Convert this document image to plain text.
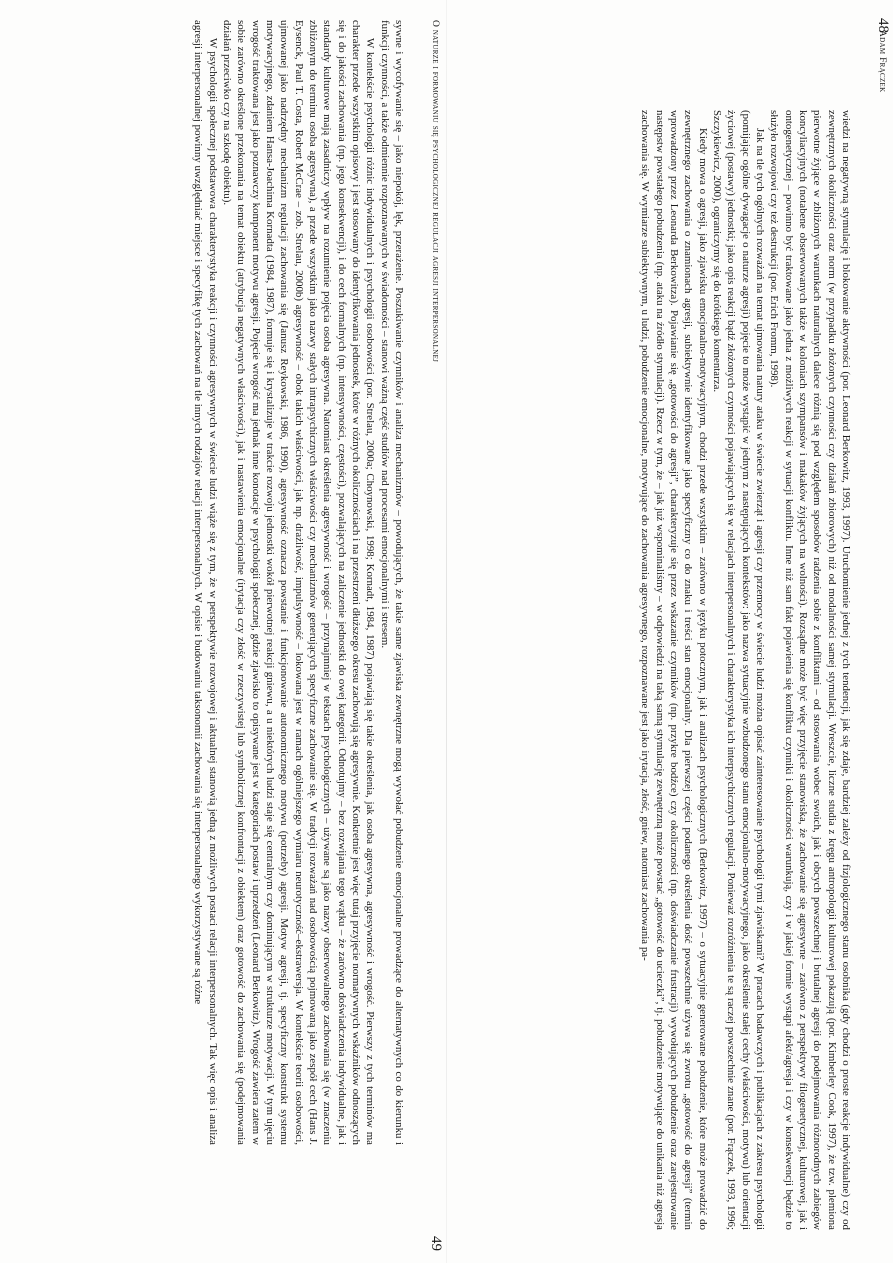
Adam Frączek
48

wiedzi na negatywną stymulację i blokowanie aktywności (por. Leonard Berkowitz, 1993, 1997). Uruchomienie jednej z tych tendencji, jak się zdaje, bardziej zależy od fizjologicznego stanu osobnika (gdy chodzi o proste reakcje indywidualne) czy od zewnętrznych okoliczności oraz norm (w przypadku złożonych czynności czy działań zbiorowych) niż od modalności samej stymulacji. Wreszcie, liczne studia z kręgu antropologii kulturowej pokazują (por. Kimberley Cook, 1997), że tzw. plemiona pierwotne żyjące w zbliżonych warunkach naturalnych dalece różnią się pod względem sposobów radzenia sobie z konfliktami – od stosowania wobec swoich, jak i obcych powszechnej i brutalnej agresji do podejmowania różnorodnych zabiegów koncyliacyjnych (notabene obserwowanych także w koloniach szympansów i makaków żyjących na wolności). Rozsądne może być więc przyjęcie stanowiska, że zachowanie się agresywne – zarówno z perspektywy filogenetycznej, kulturowej, jak i ontogenetycznej – powinno być traktowane jako jedna z możliwych reakcji w sytuacji konfliktu. Inne niż sam fakt pojawienia się konfliktu czynniki i okoliczności warunkują, czy i w jakiej formie wystąpi afekt/agresja i czy w konsekwencji będzie to służyło rozwojowi czy też destrukcji (por. Erich Fromm, 1998).

Jak na tle tych ogólnych rozważań na temat ujmowania natury ataku w świecie zwierząt i agresji czy przemocy w świecie ludzi można opisać zainteresowanie psychologii tymi zjawiskami? W pracach badawczych i publikacjach z zakresu psychologii (pomijając ogólne dywagacje o naturze agresji) pojęcie to może wystąpić w jednym z następujących kontekstów: jako nazwa sytuacyjnie wzbudzonego stanu emocjonalno-motywacyjnego, jako określenie stałej cechy (właściwości, motywu) lub orientacji życiowej (postawy) jednostki; jako opis reakcji bądź złożonych czynności pojawiających się w relacjach interpersonalnych i charakterystyka ich interpsychicznych regulacji. Ponieważ rozróżnienia te są raczej powszechnie znane (por. Frączek, 1993, 1996; Szczykiewicz, 2000), ograniczymy się do krótkiego komentarza.

Kiedy mowa o agresji, jako zjawisku emocjonalno-motywacyjnym, chodzi przede wszystkim – zarówno w języku potocznym, jak i analizach psychologicznych (Berkowitz, 1997) – o sytuacyjnie generowane pobudzenie, które może prowadzić do zewnętrznego zachowania o znamionach agresji, subiektywnie identyfikowane jako specyficzny co do znaku i treści stan emocjonalny. Dla pierwszej części podanego określenia dość powszechnie używa się zwrotu „gotowość do agresji” (termin wprowadzony przez Leonarda Berkowitza). Pojawianie się „gotowości do agresji”, charakteryzuje się przez wskazanie czynników (np. przykre bodźce) czy okoliczności (np. doświadczanie frustracji) wywołujących pobudzenie oraz zarejestrowanie następstw powstałego pobudzenia (np. ataku na źródło stymulacji). Rzecz w tym, że – jak już wspominaliśmy – w odpowiedzi na taką samą stymulację zewnętrzną może powstać „gotowość do ucieczki”, tj. pobudzenie motywujące do unikania niż agresja zachowania się. W wymiarze subiektywnym, u ludzi, pobudzenie emocjonalne, motywujące do zachowania agresywnego, rozpoznawane jest jako irytacja, złość, gniew, natomiast zachowania pa-

O naturze i formowaniu się psychologicznej regulacji agresji interpersonalnej
49

sywne i wycofywanie się – jako niepokój, lęk, przerażenie. Poszukiwanie czynników i analiza mechanizmów – powodujących, że takie same zjawiska zewnętrzne mogą wywołać pobudzenie emocjonalne prowadzące do alternatywnych co do kierunku i funkcji czynności, a także odmiennie rozpoznawanych w świadomości – stanowi ważną część studiów nad procesami emocjonalnymi i stresem.

W kontekście psychologii różnic indywidualnych i psychologii osobowości (por. Strelau, 2000a; Choynowski, 1998; Kornadt, 1984, 1987) pojawiają się takie określenia, jak osoba agresywna, agresywność i wrogość. Pierwszy z tych terminów ma charakter przede wszystkim opisowy i jest stosowany do identyfikowania jednostek, które w różnych okolicznościach i na przestrzeni dłuższego okresu zachowują się agresywnie. Konkretnie jest więc tutaj przyjęcie normatywnych wskaźników odnoszących się i do jakości zachowania (np. jego konsekwencji), i do cech formalnych (np. intensywności, częstości), pozwalających na zaliczenie jednostki do owej kategorii. Odnotujmy – bez rozwijania tego wątku – że zarówno doświadczenia indywidualne, jak i standardy kulturowe mają zasadniczy wpływ na rozumienie pojęcia osoba agresywna. Natomiast określenia agresywność i wrogość – przynajmniej w tekstach psychologicznych – używane są jako nazwy obserwowalnego zachowania się (w znaczeniu zbliżonym do terminu osoba agresywna), a przede wszystkim jako nazwy stałych intrapsychicznych właściwości czy mechanizmów generujących specyficzne zachowanie się. W tradycji rozważań nad osobowością pojmowaną jako zespół cech (Hans J. Eysenck, Paul T. Costa, Robert McCrae – zob. Strelau, 2000b) agresywność – obok takich właściwości, jak np. drażliwość, impulsywność – lokowana jest w ramach ogólniejszego wymiaru neurotyczność–ekstrawersja. W kontekście teorii osobowości, ujmowanej jako nadrzędny mechanizm regulacji zachowania się (Janusz Reykowski, 1986, 1990), agresywność oznacza powstanie i funkcjonowanie autonomicznego motywu (potrzeby) agresji. Motyw agresji, tj. specyficzny konstrukt systemu motywacyjnego, zdaniem Hansa-Joachima Kornadta (1984, 1987), formuje się i krystalizuje w trakcie rozwoju jednostki wokół pierwotnej reakcji gniewu, a u niektórych ludzi staje się centralnym czy dominującym w strukturze motywacji. W tym ujęciu wrogość traktowana jest jako poznawczy komponent motywu agresji. Pojęcie wrogość ma jednak inne konotacje w psychologii społecznej, gdzie zjawisko to opisywane jest w kategoriach postaw i uprzedzeń (Leonard Berkowitz). Wrogość zawiera zatem w sobie zarówno określone przekonania na temat obiektu (atrybucja negatywnych właściwości), jak i nastawienia emocjonalne (irytacja czy złość w rzeczywistej lub symbolicznej konfrontacji z obiektem) oraz gotowość do zachowania się (podejmowania działań przeciwko czy na szkodę obiektu).

W psychologii społecznej podstawowa charakterystyka reakcji i czynności agresywnych w świecie ludzi wiąże się z tym, że w perspektywie rozwojowej i aktualnej stanowią jedną z możliwych postaci relacji interpersonalnych. Tak więc opis i analiza agresji interpersonalnej powinny uwzględniać miejsce i specyfikę tych zachowań na tle innych rodzajów relacji interpersonalnych. W opisie i budowaniu taksonomii zachowania się interpersonalnego wykorzystywane są różne
